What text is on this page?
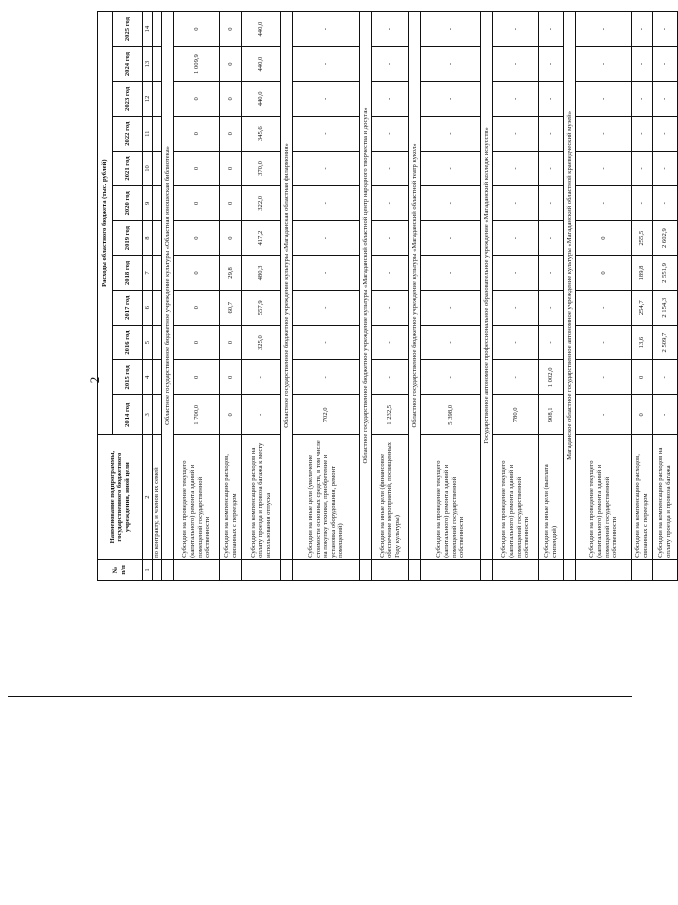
2
№
п/п	Наименование подпрограммы,
государственного бюджетного
учреждения, иной цели	Расходы областного бюджета (тыс. рублей)											
		2014 год	2015 год	2016 год	2017 год	2018 год	2019 год	2020 год	2021 год	2022 год	2023 год	2024 год	2025 год
1	2	3	4	5	6	7	8	9	10	11	12	13	14
	по контракту, и членов их семей												
	Областное государственное бюджетное учреждение культуры «Областная юношеская библиотека»												
	Субсидии на проведение текущего (капитального) ремонта зданий и помещений государственной собственности	1 700,0	0	0	0	0	0	0	0	0	0	1 009,9	0
	Субсидии на компенсацию расходов, связанных с переездом	0	0	0	60,7	29,8	0	0	0	0	0	0	0
	Субсидии на компенсацию расходов на оплату проезда и провоза багажа к месту использования отпуска	-	-	325,0	557,9	480,3	417,2	322,0	370,0	345,6	440,0	440,0	440,0
	Областное государственное бюджетное учреждение культуры «Магаданская областная филармония»												
	Субсидии на иные цели (увеличение стоимости основных средств, в том числе на покупку техники, приобретение и установка оборудования, ремонт помещений)	702,0	-	-	-	-	-	-	-	-	-	-	-
	Областное государственное бюджетное учреждение культуры «Магаданский областной центр народного творчества и досуга»												
	Субсидии на иные цели (финансовое обеспечение мероприятий, посвященных Году культуры)	1 232,5	-	-	-	-	-	-	-	-	-	-	-
	Областное государственное бюджетное учреждение культуры «Магаданский областной театр кукол»												
	Субсидии на проведение текущего (капитального) ремонта зданий и помещений государственной собственности	5 398,0	-	-	-	-	-	-	-	-	-	-	-
	Государственное автономное профессиональное образовательное учреждение «Магаданский колледж искусств»												
	Субсидии на проведение текущего (капитального) ремонта зданий и помещений государственной собственности	780,0	-	-	-	-	-	-	-	-	-	-	-
	Субсидии на иные цели (выплата стипендий)	908,1	1 002,0	-	-	-	-	-	-	-	-	-	-
	Магаданское областное государственное автономное учреждение культуры «Магаданский областной краеведческий музей»												
	Субсидии на проведение текущего (капитального) ремонта зданий и помещений государственной собственности	-	-	-	-	0	0	-	-	-	-	-	-
	Субсидии на компенсацию расходов, связанных с переездом	0	0	13,6	254,7	189,8	255,5	-	-	-	-	-	-
	Субсидии на компенсацию расходов на оплату проезда и провоза багажа	-	-	2 509,7	2 154,3	2 551,9	2 602,9	-	-	-	-	-	-
